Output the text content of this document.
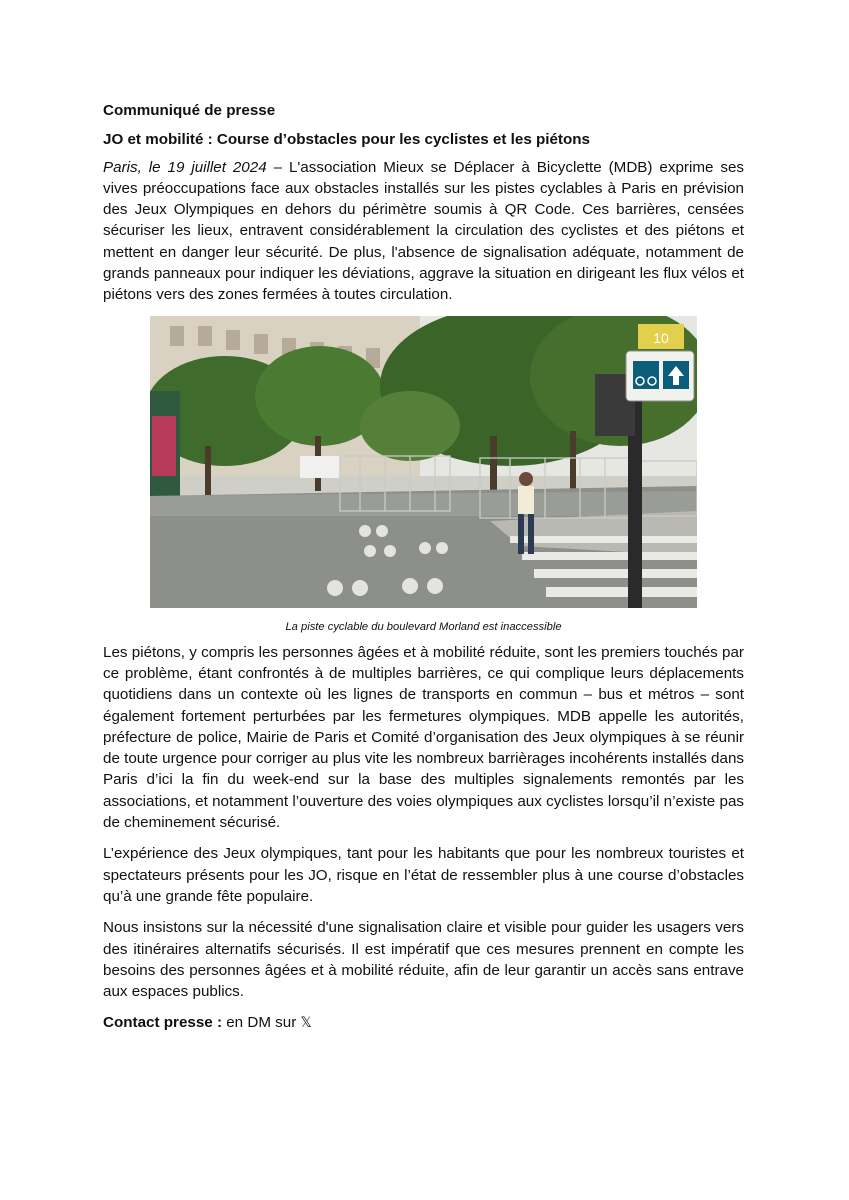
Communiqué de presse

JO et mobilité : Course d’obstacles pour les cyclistes et les piétons

Paris, le 19 juillet 2024 – L'association Mieux se Déplacer à Bicyclette (MDB) exprime ses vives préoccupations face aux obstacles installés sur les pistes cyclables à Paris en prévision des Jeux Olympiques en dehors du périmètre soumis à QR Code. Ces barrières, censées sécuriser les lieux, entravent considérablement la circulation des cyclistes et des piétons et mettent en danger leur sécurité. De plus, l'absence de signalisation adéquate, notamment de grands panneaux pour indiquer les déviations, aggrave la situation en dirigeant les flux vélos et piétons vers des zones fermées à toutes circulation.

10
La piste cyclable du boulevard Morland est inaccessible

Les piétons, y compris les personnes âgées et à mobilité réduite, sont les premiers touchés par ce problème, étant confrontés à de multiples barrières, ce qui complique leurs déplacements quotidiens dans un contexte où les lignes de transports en commun – bus et métros – sont également fortement perturbées par les fermetures olympiques. MDB appelle les autorités, préfecture de police, Mairie de Paris et Comité d’organisation des Jeux olympiques à se réunir de toute urgence pour corriger au plus vite les nombreux barrièrages incohérents installés dans Paris d’ici la fin du week-end sur la base des multiples signalements remontés par les associations, et notamment l’ouverture des voies olympiques aux cyclistes lorsqu’il n’existe pas de cheminement sécurisé.

L’expérience des Jeux olympiques, tant pour les habitants que pour les nombreux touristes et spectateurs présents pour les JO, risque en l’état de ressembler plus à une course d’obstacles qu’à une grande fête populaire.

Nous insistons sur la nécessité d'une signalisation claire et visible pour guider les usagers vers des itinéraires alternatifs sécurisés. Il est impératif que ces mesures prennent en compte les besoins des personnes âgées et à mobilité réduite, afin de leur garantir un accès sans entrave aux espaces publics.

Contact presse : en DM sur 𝕏
